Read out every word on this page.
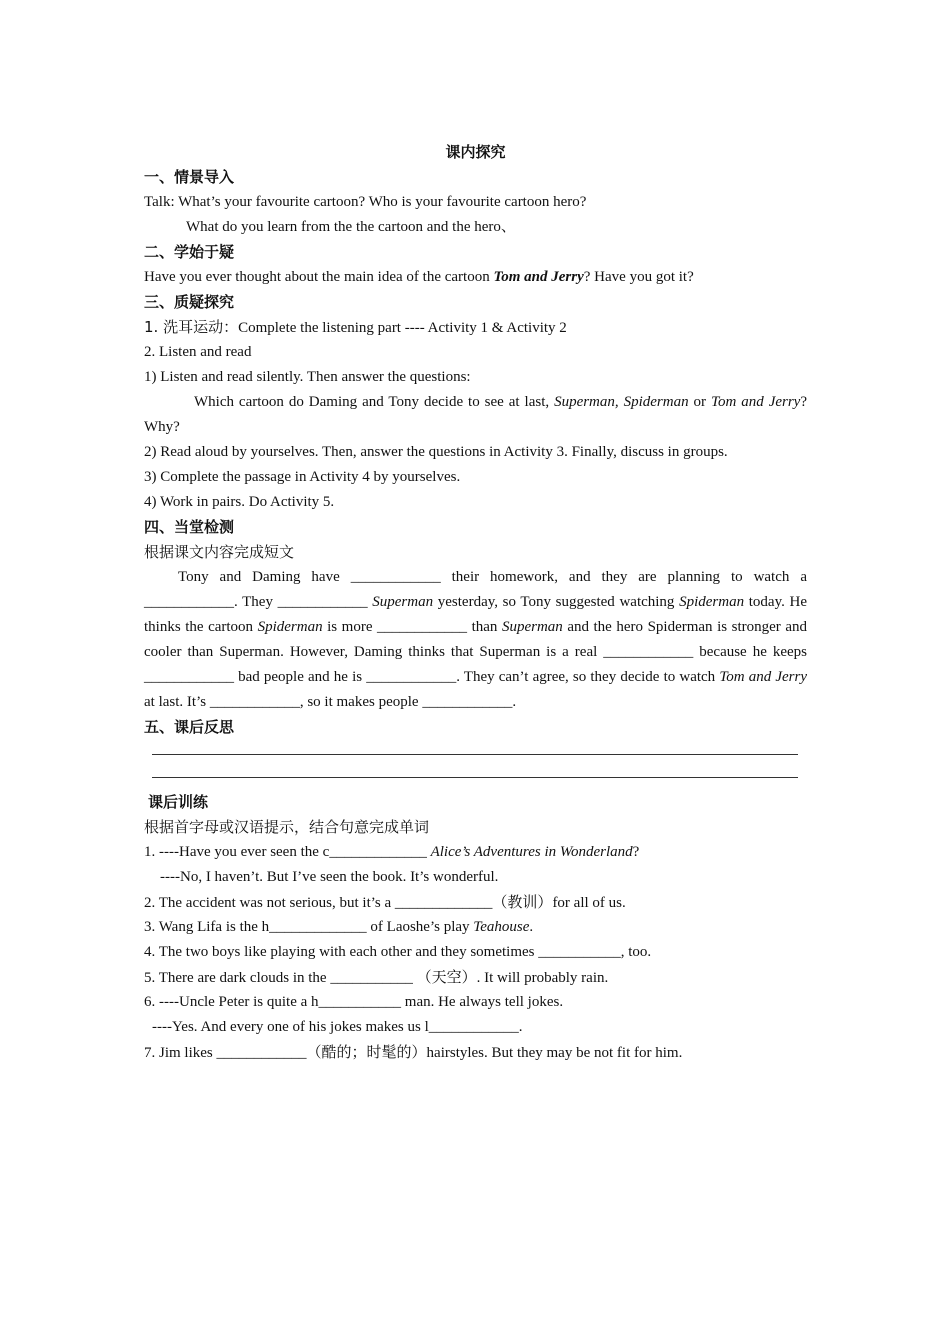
课内探究
一、情景导入
Talk: What’s your favourite cartoon? Who is your favourite cartoon hero?
What do you learn from the the cartoon and the hero、
二、学始于疑
Have you ever thought about the main idea of the cartoon Tom and Jerry? Have you got it?
三、质疑探究
1. 洗耳运动：Complete the listening part ---- Activity 1 & Activity 2
2. Listen and read
1) Listen and read silently. Then answer the questions:
Which cartoon do Daming and Tony decide to see at last, Superman, Spiderman or Tom and Jerry? Why?
2) Read aloud by yourselves. Then, answer the questions in Activity 3. Finally, discuss in groups.
3) Complete the passage in Activity 4 by yourselves.
4) Work in pairs. Do Activity 5.
四、当堂检测
根据课文内容完成短文
Tony and Daming have ____________ their homework, and they are planning to watch a ____________. They ____________ Superman yesterday, so Tony suggested watching Spiderman today. He thinks the cartoon Spiderman is more ____________ than Superman and the hero Spiderman is stronger and cooler than Superman. However, Daming thinks that Superman is a real ____________ because he keeps ____________ bad people and he is ____________. They can’t agree, so they decide to watch Tom and Jerry at last. It’s ____________, so it makes people ____________.
五、课后反思
课后训练
根据首字母或汉语提示，结合句意完成单词
1. ----Have you ever seen the c_____________ Alice’s Adventures in Wonderland?
----No, I haven’t. But I’ve seen the book. It’s wonderful.
2. The accident was not serious, but it’s a _____________（教训）for all of us.
3. Wang Lifa is the h_____________ of Laoshe’s play Teahouse.
4. The two boys like playing with each other and they sometimes ___________, too.
5. There are dark clouds in the ___________ （天空）. It will probably rain.
6. ----Uncle Peter is quite a h___________ man. He always tell jokes.
----Yes. And every one of his jokes makes us l____________.
7. Jim likes ____________（酷的；时髦的）hairstyles. But they may be not fit for him.
